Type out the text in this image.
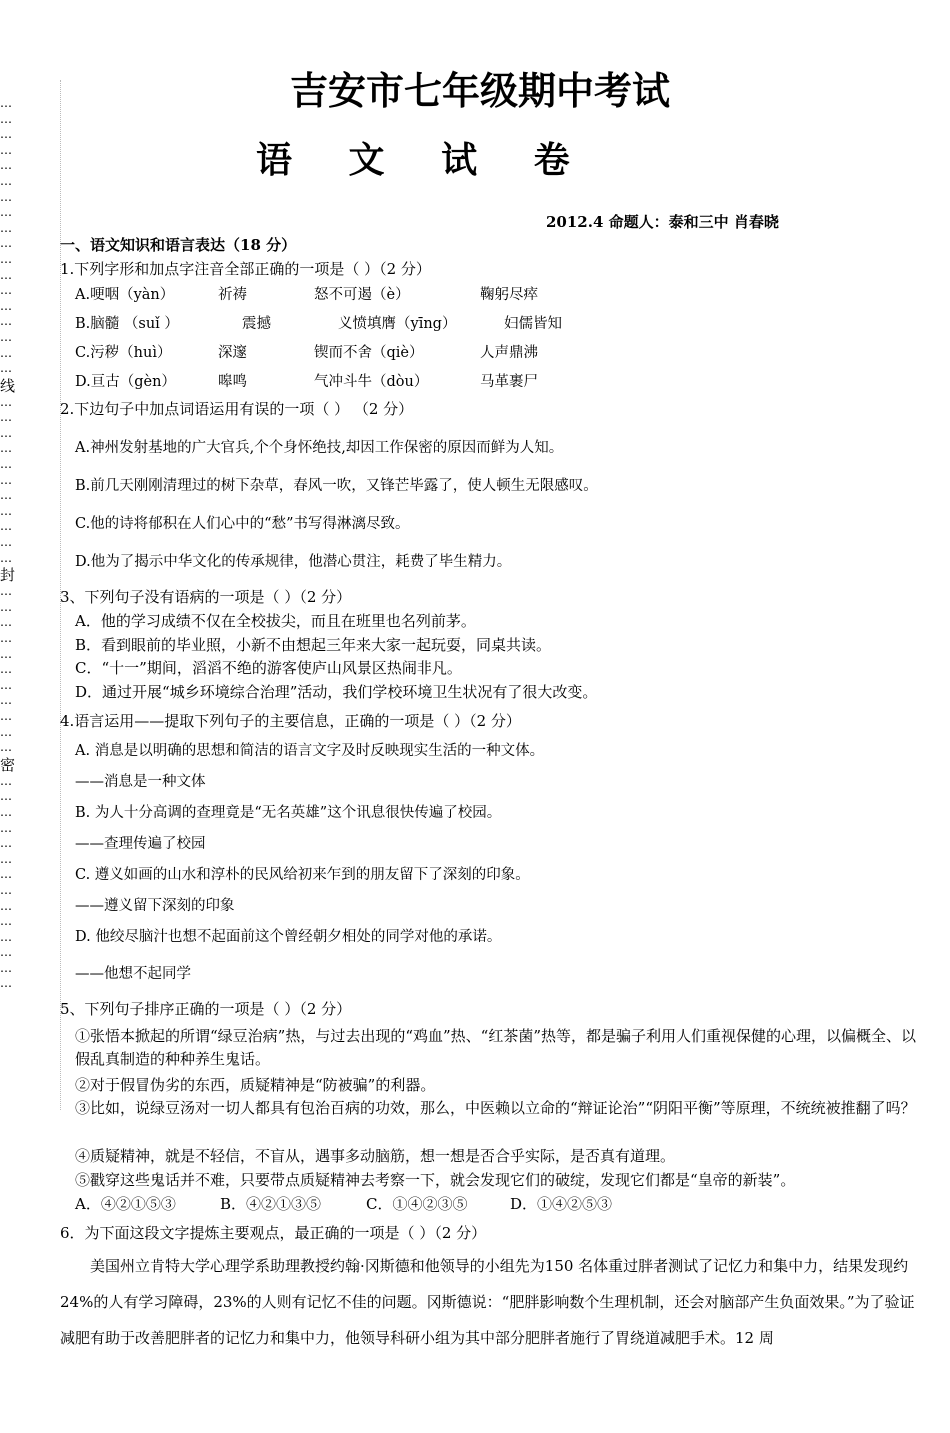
…
…
…
…
…
…
…
…
…
…
…
…
…
…
…
…
…
…
线
…
…
…
…
…
…
…
…
…
…
…
封
…
…
…
…
…
…
…
…
…
…
…
密
…
…
…
…
…
…
…
…
…
…
…
…
…
…
吉安市七年级期中考试
语 文 试 卷
2012.4 命题人：泰和三中 肖春晓
一、语文知识和语言表达（18 分）
1.下列字形和加点字注音全部正确的一项是（ ）（2 分）
A.哽咽（yàn）	祈祷	怒不可遏（è）	鞠躬尽瘁
B.脑髓 （suǐ ）	震撼	义愤填膺（yīng）	妇儒皆知
C.污秽（huì）	深邃	锲而不舍（qiè）	人声鼎沸
D.亘古（gèn）	嗥鸣	气冲斗牛（dòu）	马革裹尸
2.下边句子中加点词语运用有误的一项（ ） （2 分）
A.神州发射基地的广大官兵,个个身怀绝技,却因工作保密的原因而鲜为人知。
B.前几天刚刚清理过的树下杂草，春风一吹，又锋芒毕露了，使人顿生无限感叹。
C.他的诗将郁积在人们心中的“愁”书写得淋漓尽致。
D.他为了揭示中华文化的传承规律，他潜心贯注，耗费了毕生精力。
3、下列句子没有语病的一项是（ ）（2 分）
A．他的学习成绩不仅在全校拔尖，而且在班里也名列前茅。
B．看到眼前的毕业照，小新不由想起三年来大家一起玩耍，同桌共读。
C．“十一”期间，滔滔不绝的游客使庐山风景区热闹非凡。
D．通过开展“城乡环境综合治理”活动，我们学校环境卫生状况有了很大改变。
4.语言运用——提取下列句子的主要信息，正确的一项是（ ）（2 分）
A. 消息是以明确的思想和简洁的语言文字及时反映现实生活的一种文体。
——消息是一种文体
B. 为人十分高调的查理竟是“无名英雄”这个讯息很快传遍了校园。
——查理传遍了校园
C. 遵义如画的山水和淳朴的民风给初来乍到的朋友留下了深刻的印象。
——遵义留下深刻的印象
D. 他绞尽脑汁也想不起面前这个曾经朝夕相处的同学对他的承诺。
——他想不起同学
5、下列句子排序正确的一项是（ ）（2 分）
①张悟本掀起的所谓“绿豆治病”热，与过去出现的“鸡血”热、“红茶菌”热等，都是骗子利用人们重视保健的心理，以偏概全、以假乱真制造的种种养生鬼话。
②对于假冒伪劣的东西，质疑精神是“防被骗”的利器。
③比如，说绿豆汤对一切人都具有包治百病的功效，那么，中医赖以立命的“辩证论治”“阴阳平衡”等原理，不统统被推翻了吗？
④质疑精神，就是不轻信，不盲从，遇事多动脑筋，想一想是否合乎实际，是否真有道理。
⑤戳穿这些鬼话并不难，只要带点质疑精神去考察一下，就会发现它们的破绽，发现它们都是“皇帝的新装”。
A．④②①⑤③	B．④②①③⑤	C．①④②③⑤	D．①④②⑤③
6．为下面这段文字提炼主要观点，最正确的一项是（ ）（2 分）
美国州立肯特大学心理学系助理教授约翰·冈斯德和他领导的小组先为150 名体重过胖者测试了记忆力和集中力，结果发现约 24%的人有学习障碍，23%的人则有记忆不佳的问题。冈斯德说：“肥胖影响数个生理机制，还会对脑部产生负面效果。”为了验证减肥有助于改善肥胖者的记忆力和集中力，他领导科研小组为其中部分肥胖者施行了胃绕道减肥手术。12 周
